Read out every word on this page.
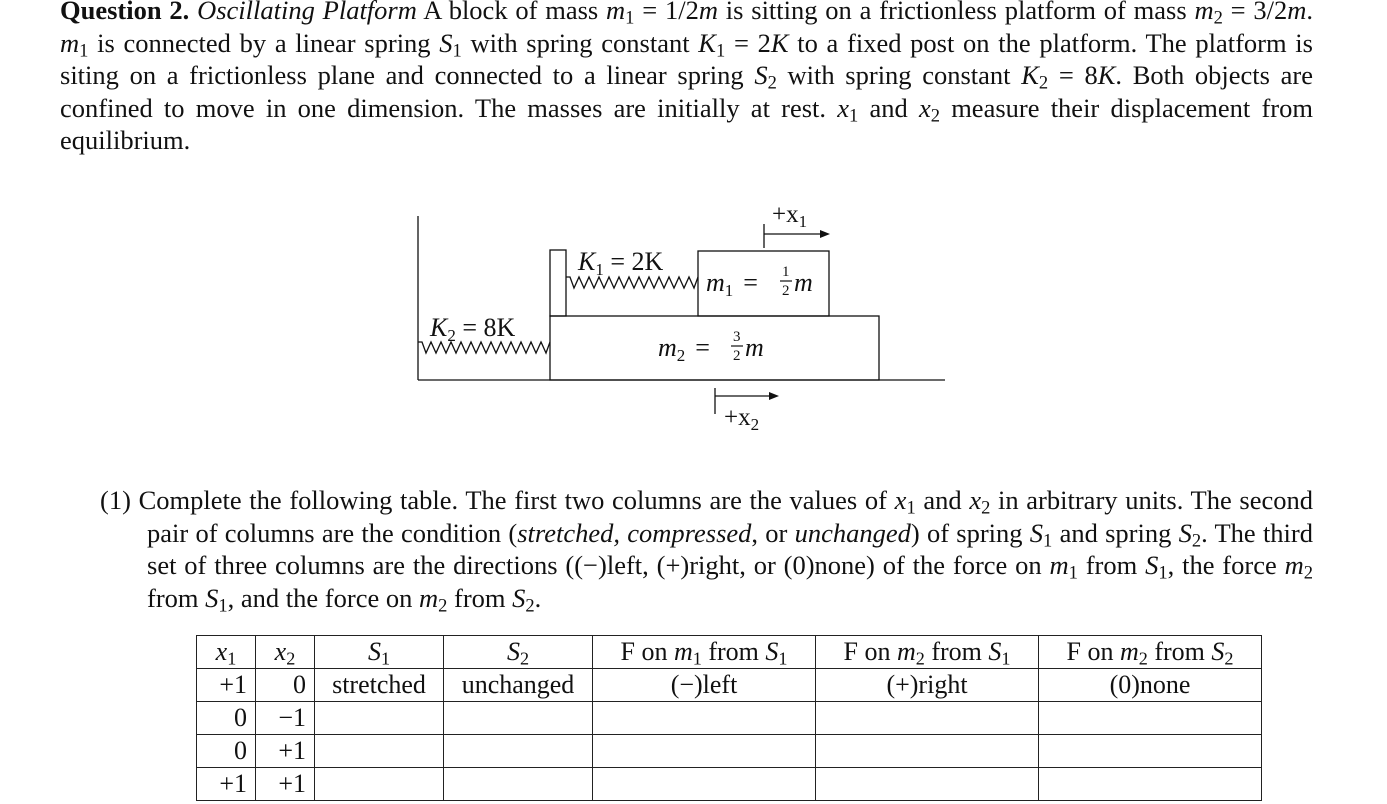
Question 2. Oscillating Platform A block of mass $m_1 = 1/2m$ is sitting on a frictionless platform of mass $m_2 = 3/2m$. $m_1$ is connected by a linear spring $S_1$ with spring constant $K_1 = 2K$ to a fixed post on the platform. The platform is siting on a frictionless plane and connected to a linear spring $S_2$ with spring constant $K_2 = 8K$. Both objects are confined to move in one dimension. The masses are initially at rest. $x_1$ and $x_2$ measure their displacement from equilibrium.
$+x_1$
$+x_2$
K1 = 2K
K2 = 8K
m1 = 1
2 m
m2 = 3
2 m
(1) Complete the following table. The first two columns are the values of $x_1$ and $x_2$ in arbitrary units. The second pair of columns are the condition (stretched, compressed, or unchanged) of spring $S_1$ and spring $S_2$. The third set of three columns are the directions ((−)left, (+)right, or (0)none) of the force on $m_1$ from $S_1$, the force $m_2$ from $S_1$, and the force on $m_2$ from $S_2$.
$x_1$	$x_2$	$S_1$	$S_2$	F on $m_1$ from $S_1$	F on $m_2$ from $S_1$	F on $m_2$ from $S_2$
+1	0	stretched	unchanged	(−)left	(+)right	(0)none
0	−1					
0	+1					
+1	+1					
